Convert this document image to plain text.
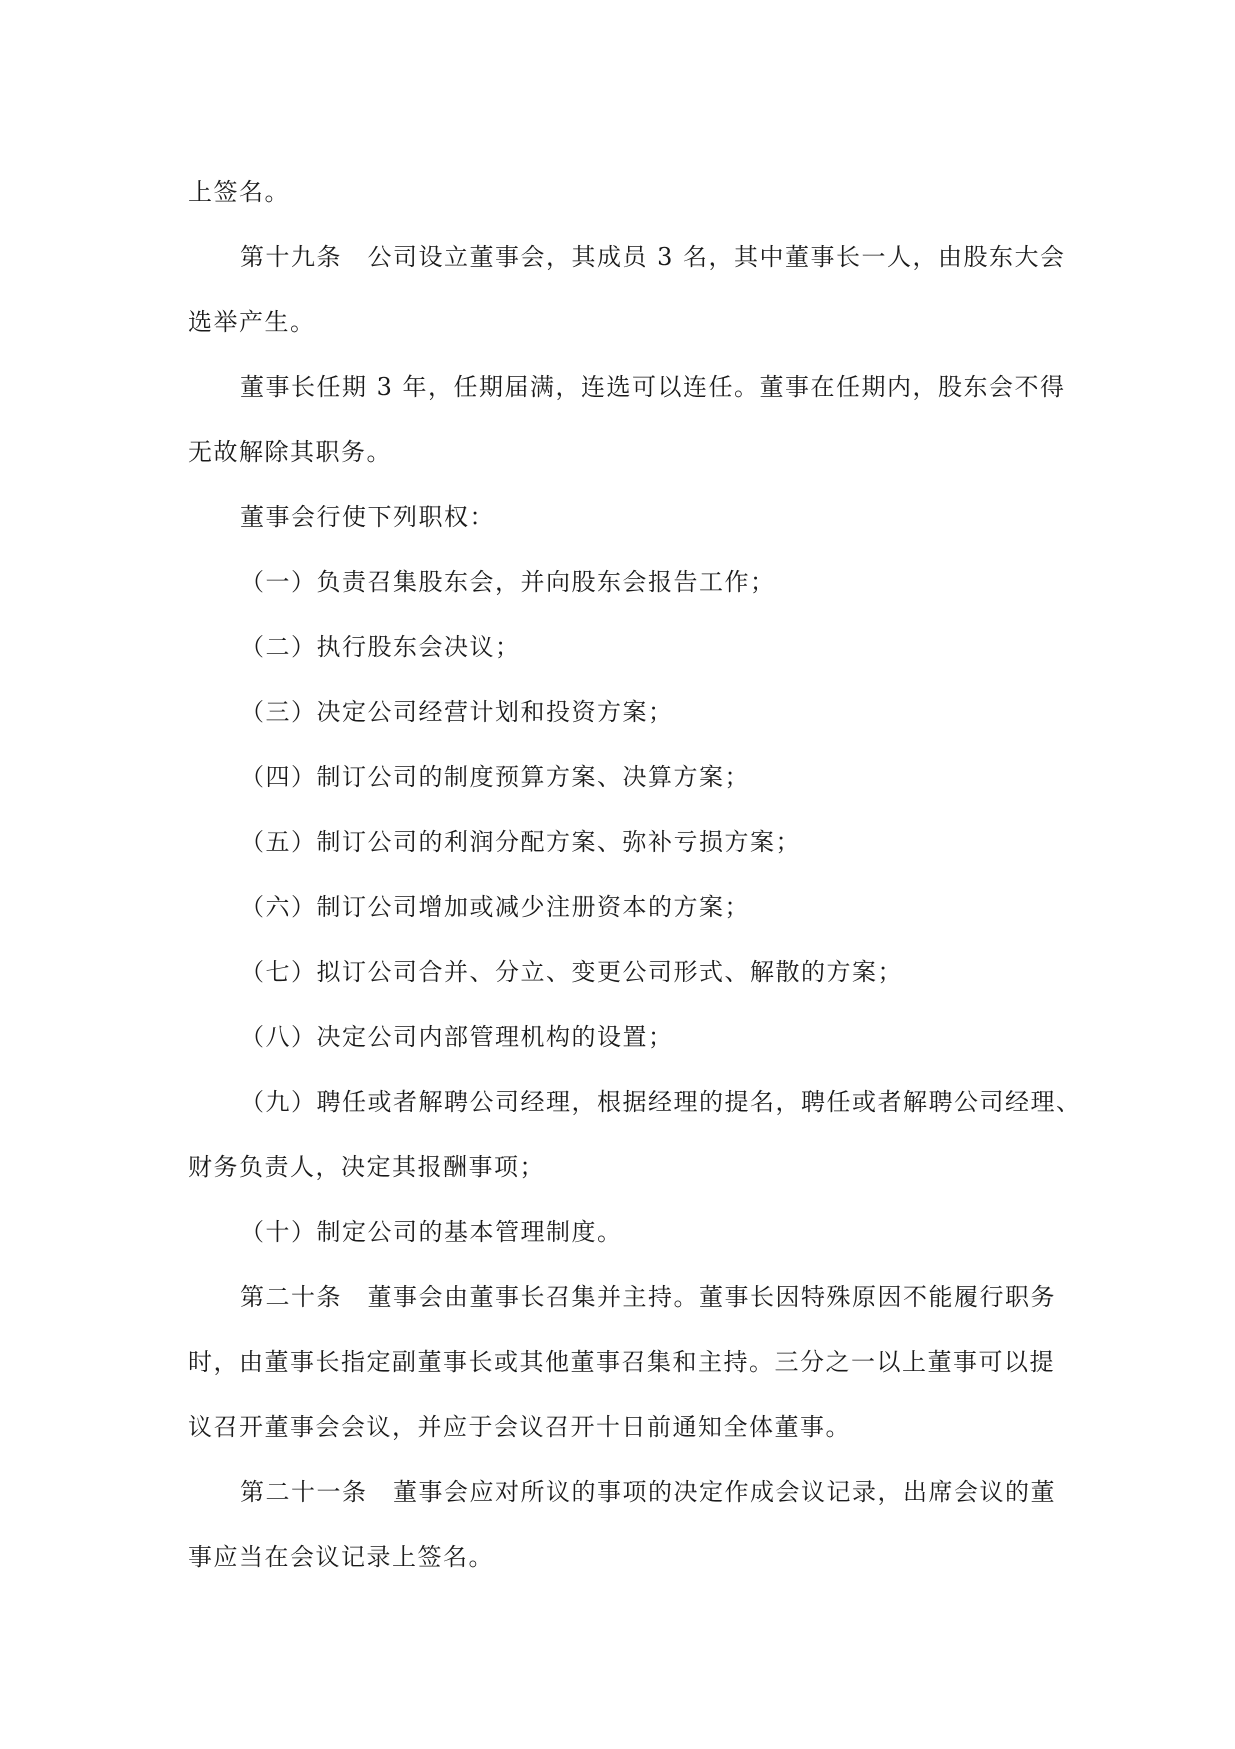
上签名。

第十九条　公司设立董事会，其成员 3 名，其中董事长一人，由股东大会
选举产生。

董事长任期 3 年，任期届满，连选可以连任。董事在任期内，股东会不得
无故解除其职务。

董事会行使下列职权：

（一）负责召集股东会，并向股东会报告工作；

（二）执行股东会决议；

（三）决定公司经营计划和投资方案；

（四）制订公司的制度预算方案、决算方案；

（五）制订公司的利润分配方案、弥补亏损方案；

（六）制订公司增加或减少注册资本的方案；

（七）拟订公司合并、分立、变更公司形式、解散的方案；

（八）决定公司内部管理机构的设置；

（九）聘任或者解聘公司经理，根据经理的提名，聘任或者解聘公司经理、
财务负责人，决定其报酬事项；

（十）制定公司的基本管理制度。

第二十条　董事会由董事长召集并主持。董事长因特殊原因不能履行职务
时，由董事长指定副董事长或其他董事召集和主持。三分之一以上董事可以提
议召开董事会会议，并应于会议召开十日前通知全体董事。

第二十一条　董事会应对所议的事项的决定作成会议记录，出席会议的董
事应当在会议记录上签名。
